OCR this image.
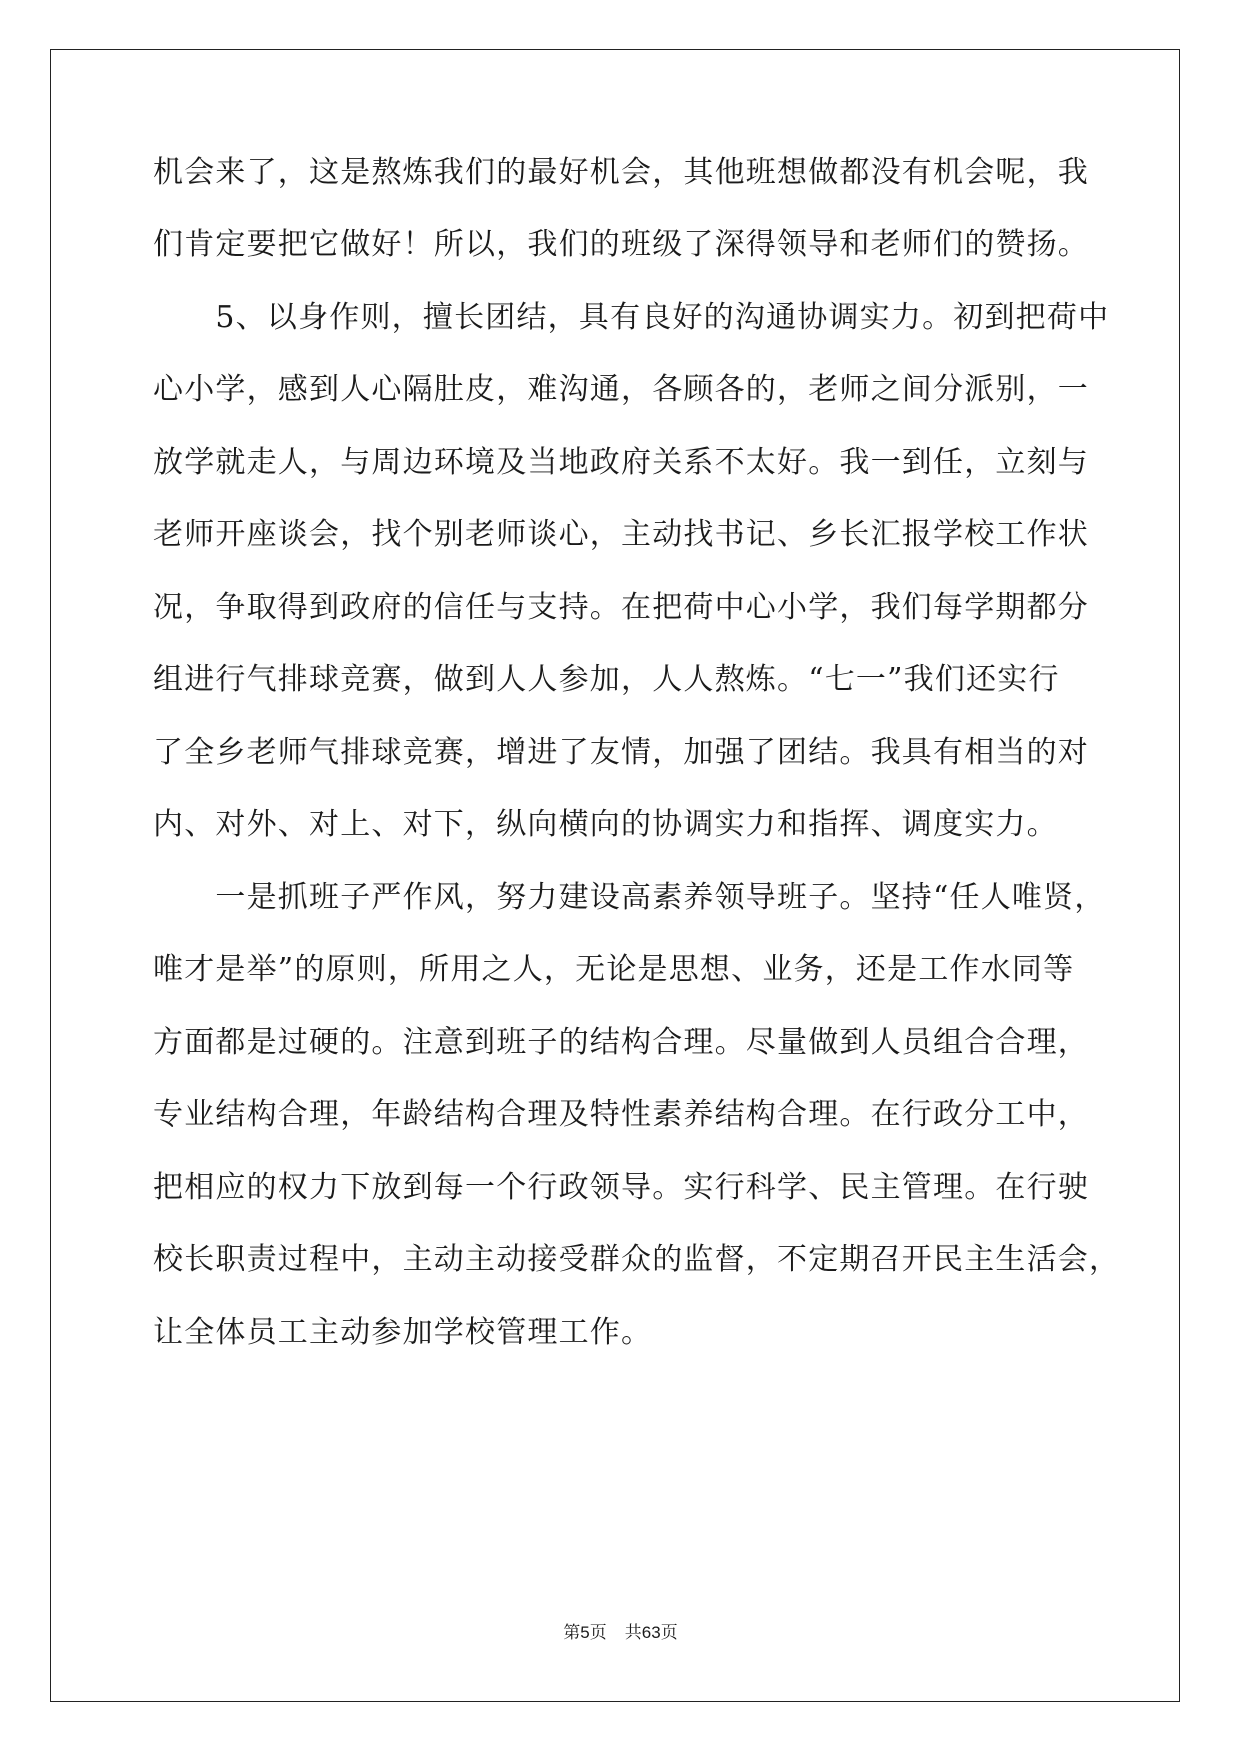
机会来了，这是熬炼我们的最好机会，其他班想做都没有机会呢，我
们肯定要把它做好！所以，我们的班级了深得领导和老师们的赞扬。
　　5、以身作则，擅长团结，具有良好的沟通协调实力。初到把荷中
心小学，感到人心隔肚皮，难沟通，各顾各的，老师之间分派别，一
放学就走人，与周边环境及当地政府关系不太好。我一到任，立刻与
老师开座谈会，找个别老师谈心，主动找书记、乡长汇报学校工作状
况，争取得到政府的信任与支持。在把荷中心小学，我们每学期都分
组进行气排球竞赛，做到人人参加，人人熬炼。“七一”我们还实行
了全乡老师气排球竞赛，增进了友情，加强了团结。我具有相当的对
内、对外、对上、对下，纵向横向的协调实力和指挥、调度实力。
　　一是抓班子严作风，努力建设高素养领导班子。坚持“任人唯贤，
唯才是举”的原则，所用之人，无论是思想、业务，还是工作水同等
方面都是过硬的。注意到班子的结构合理。尽量做到人员组合合理，
专业结构合理，年龄结构合理及特性素养结构合理。在行政分工中，
把相应的权力下放到每一个行政领导。实行科学、民主管理。在行驶
校长职责过程中，主动主动接受群众的监督，不定期召开民主生活会，
让全体员工主动参加学校管理工作。
第5页 共63页
